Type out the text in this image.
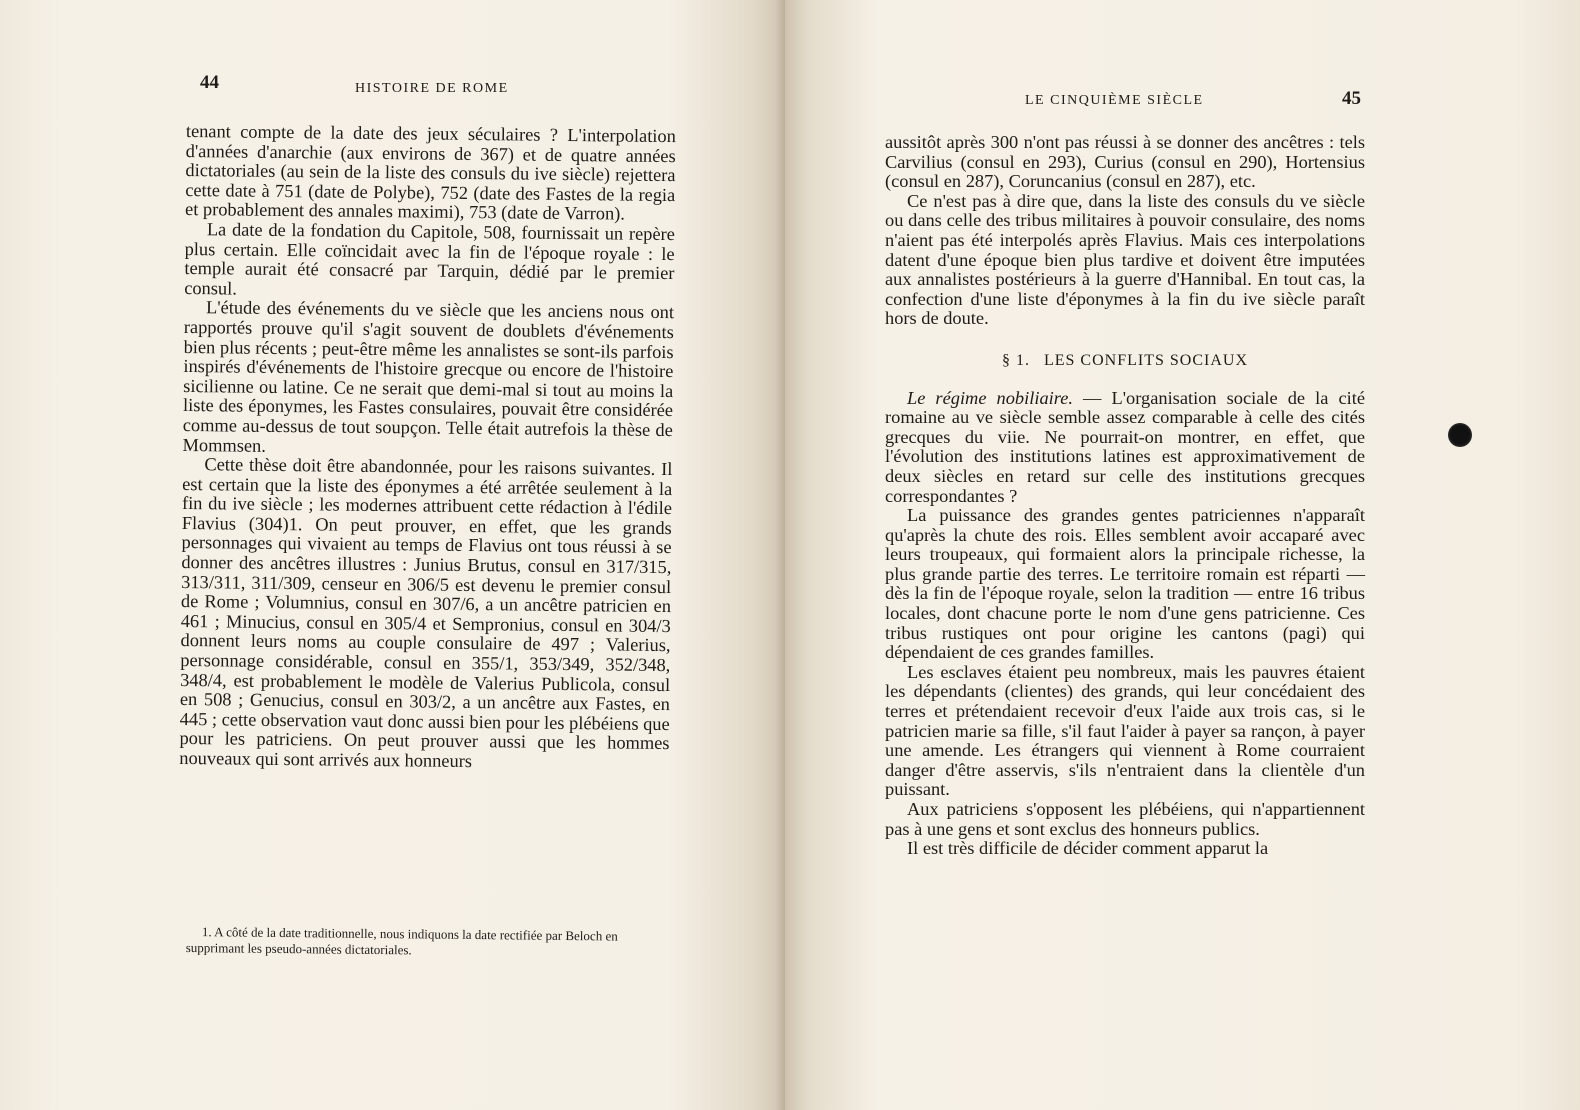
44	HISTOIRE DE ROME

tenant compte de la date des jeux séculaires ? L'interpolation d'années d'anarchie (aux environs de 367) et de quatre années dictatoriales (au sein de la liste des consuls du ive siècle) rejettera cette date à 751 (date de Polybe), 752 (date des Fastes de la regia et probablement des annales maximi), 753 (date de Varron).

La date de la fondation du Capitole, 508, fournissait un repère plus certain. Elle coïncidait avec la fin de l'époque royale : le temple aurait été consacré par Tarquin, dédié par le premier consul.

L'étude des événements du ve siècle que les anciens nous ont rapportés prouve qu'il s'agit souvent de doublets d'événements bien plus récents ; peut-être même les annalistes se sont-ils parfois inspirés d'événements de l'histoire grecque ou encore de l'histoire sicilienne ou latine. Ce ne serait que demi-mal si tout au moins la liste des éponymes, les Fastes consulaires, pouvait être considérée comme au-dessus de tout soupçon. Telle était autrefois la thèse de Mommsen.

Cette thèse doit être abandonnée, pour les raisons suivantes. Il est certain que la liste des éponymes a été arrêtée seulement à la fin du ive siècle ; les modernes attribuent cette rédaction à l'édile Flavius (304)1. On peut prouver, en effet, que les grands personnages qui vivaient au temps de Flavius ont tous réussi à se donner des ancêtres illustres : Junius Brutus, consul en 317/315, 313/311, 311/309, censeur en 306/5 est devenu le premier consul de Rome ; Volumnius, consul en 307/6, a un ancêtre patricien en 461 ; Minucius, consul en 305/4 et Sempronius, consul en 304/3 donnent leurs noms au couple consulaire de 497 ; Valerius, personnage considérable, consul en 355/1, 353/349, 352/348, 348/4, est probablement le modèle de Valerius Publicola, consul en 508 ; Genucius, consul en 303/2, a un ancêtre aux Fastes, en 445 ; cette observation vaut donc aussi bien pour les plébéiens que pour les patriciens. On peut prouver aussi que les hommes nouveaux qui sont arrivés aux honneurs

1. A côté de la date traditionnelle, nous indiquons la date rectifiée par Beloch en supprimant les pseudo-années dictatoriales.

LE CINQUIÈME SIÈCLE	45

aussitôt après 300 n'ont pas réussi à se donner des ancêtres : tels Carvilius (consul en 293), Curius (consul en 290), Hortensius (consul en 287), Coruncanius (consul en 287), etc.

Ce n'est pas à dire que, dans la liste des consuls du ve siècle ou dans celle des tribus militaires à pouvoir consulaire, des noms n'aient pas été interpolés après Flavius. Mais ces interpolations datent d'une époque bien plus tardive et doivent être imputées aux annalistes postérieurs à la guerre d'Hannibal. En tout cas, la confection d'une liste d'éponymes à la fin du ive siècle paraît hors de doute.

§ 1. LES CONFLITS SOCIAUX

Le régime nobiliaire. — L'organisation sociale de la cité romaine au ve siècle semble assez comparable à celle des cités grecques du viie. Ne pourrait-on montrer, en effet, que l'évolution des institutions latines est approximativement de deux siècles en retard sur celle des institutions grecques correspondantes ?

La puissance des grandes gentes patriciennes n'apparaît qu'après la chute des rois. Elles semblent avoir accaparé avec leurs troupeaux, qui formaient alors la principale richesse, la plus grande partie des terres. Le territoire romain est réparti — dès la fin de l'époque royale, selon la tradition — entre 16 tribus locales, dont chacune porte le nom d'une gens patricienne. Ces tribus rustiques ont pour origine les cantons (pagi) qui dépendaient de ces grandes familles.

Les esclaves étaient peu nombreux, mais les pauvres étaient les dépendants (clientes) des grands, qui leur concédaient des terres et prétendaient recevoir d'eux l'aide aux trois cas, si le patricien marie sa fille, s'il faut l'aider à payer sa rançon, à payer une amende. Les étrangers qui viennent à Rome courraient danger d'être asservis, s'ils n'entraient dans la clientèle d'un puissant.

Aux patriciens s'opposent les plébéiens, qui n'appartiennent pas à une gens et sont exclus des honneurs publics.

Il est très difficile de décider comment apparut la
